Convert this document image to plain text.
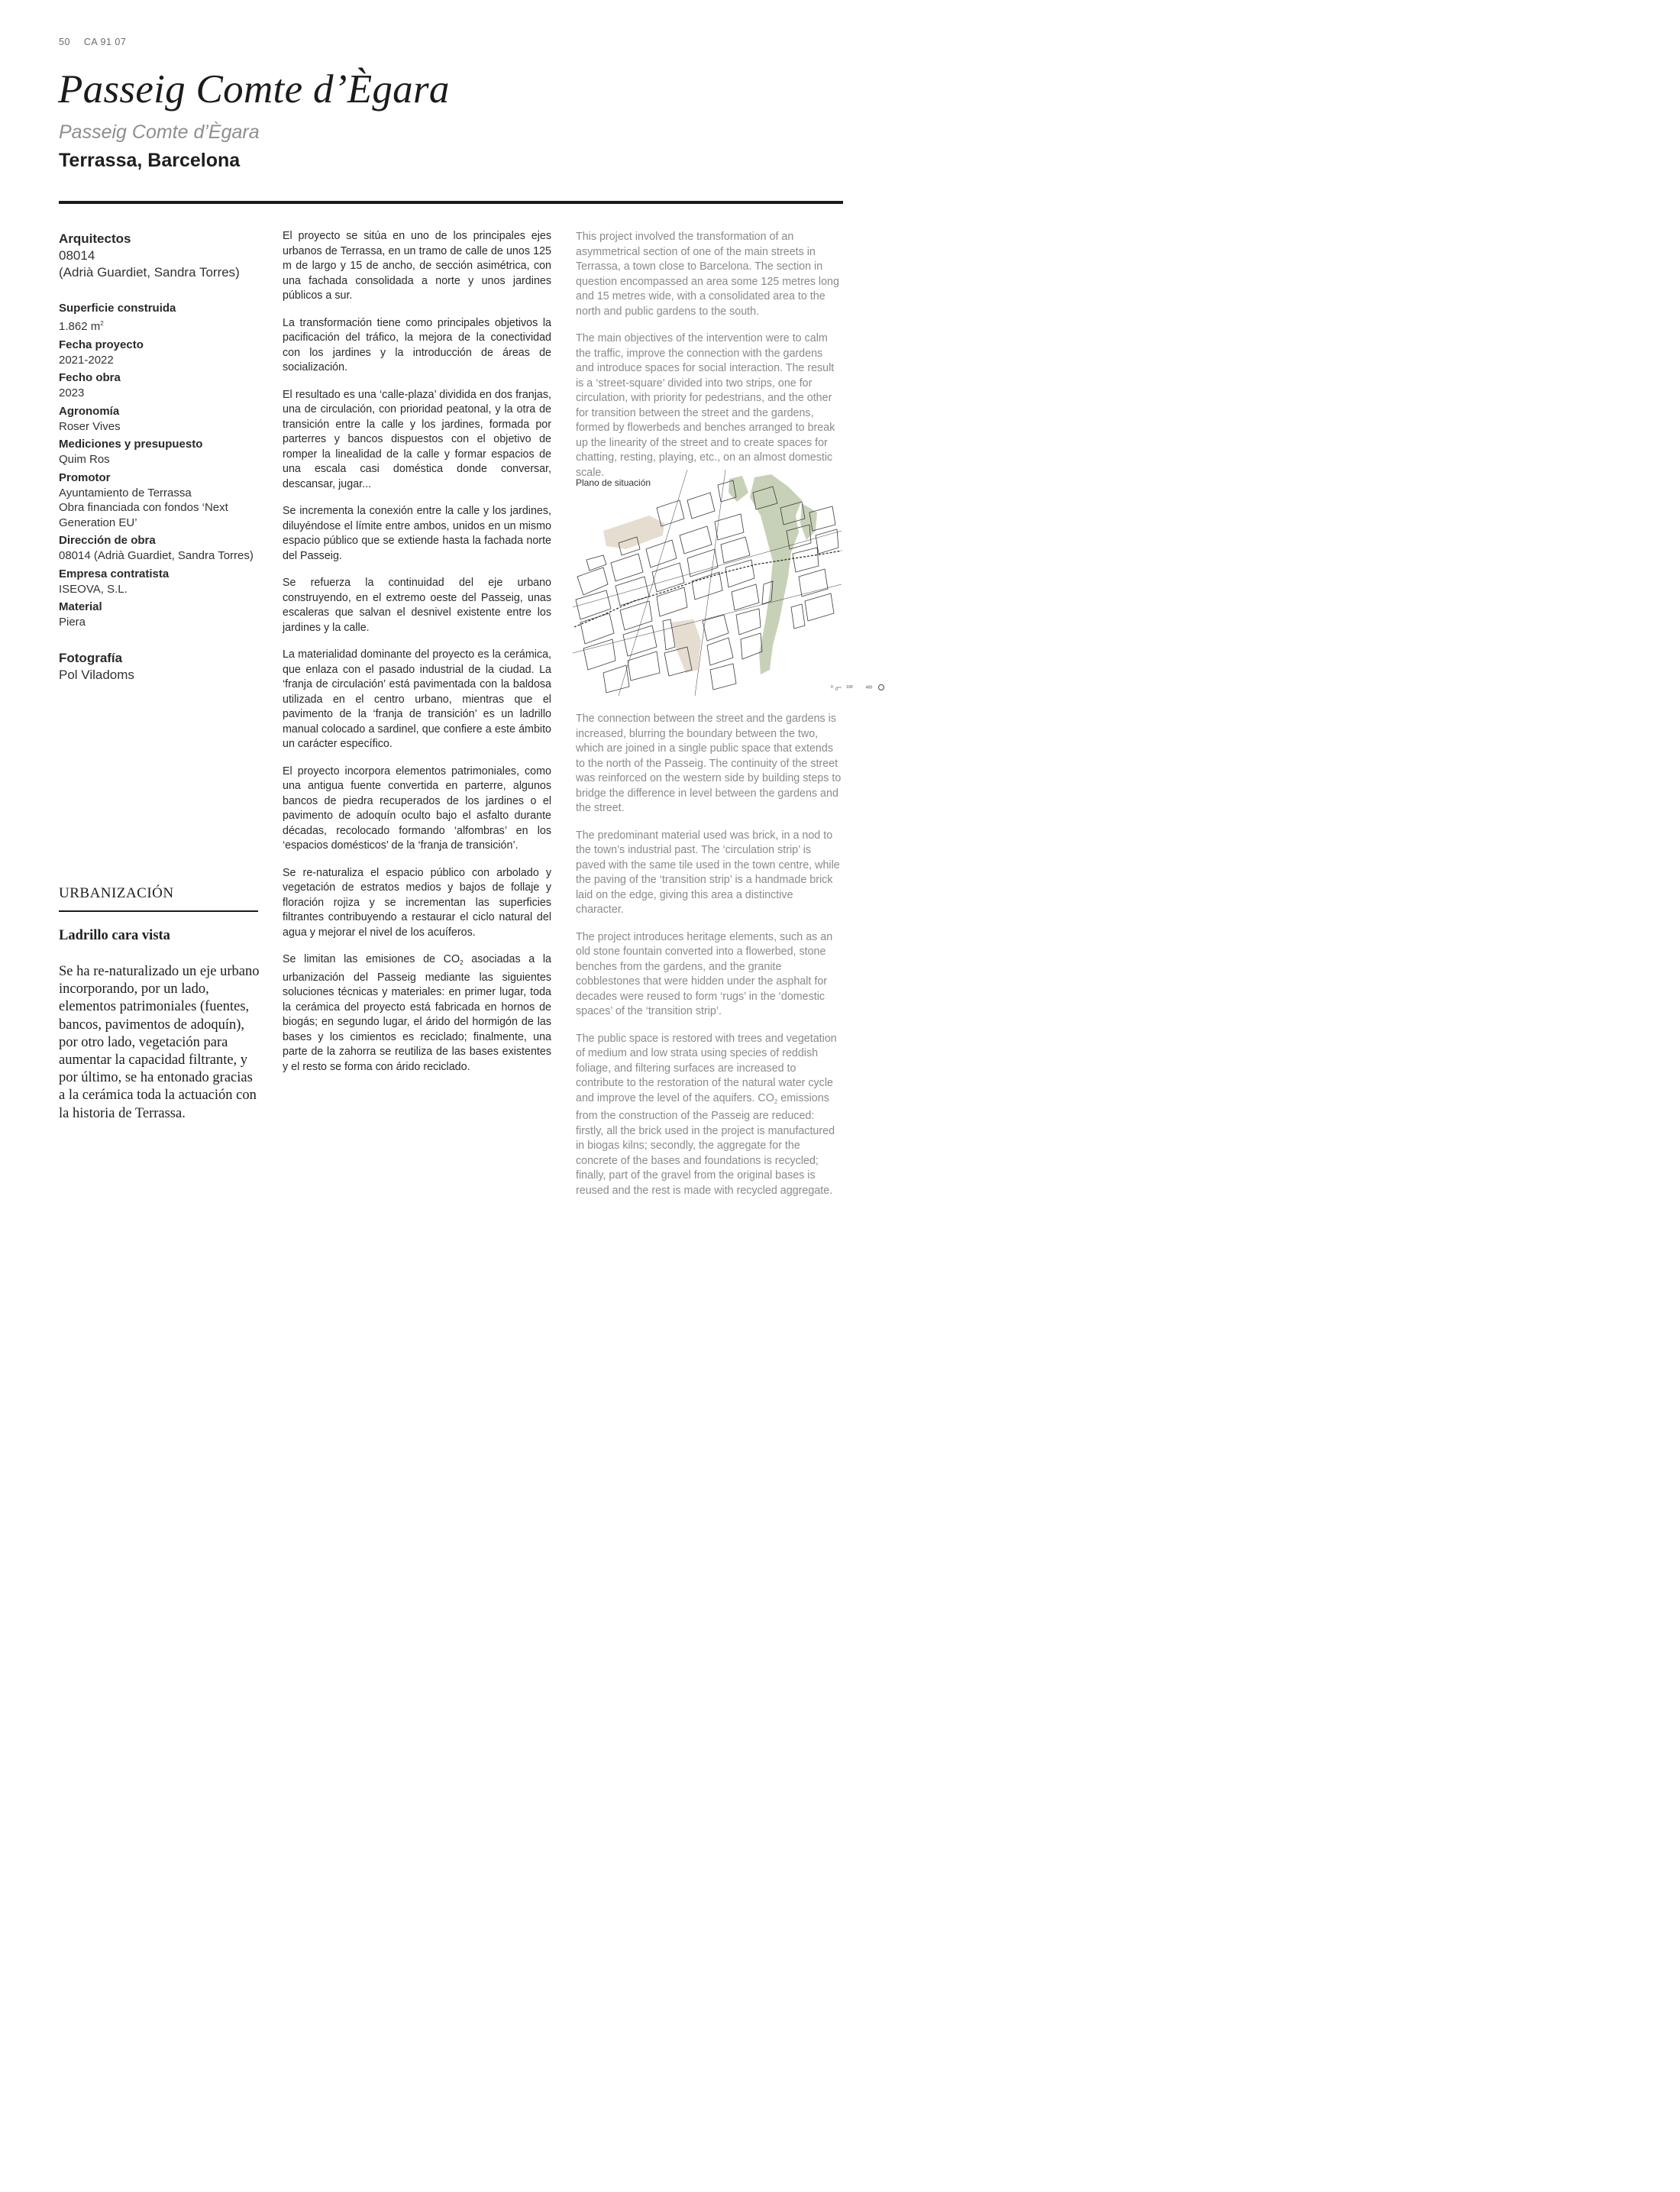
50 CA 91 07
Passeig Comte d’Ègara
Passeig Comte d’Ègara
Terrassa, Barcelona

Arquitectos

08014

(Adrià Guardiet, Sandra Torres)

Superficie construida

1.862 $m^2$

Fecha proyecto

2021-2022

Fecho obra

2023

Agronomía

Roser Vives

Mediciones y presupuesto

Quim Ros

Promotor

Ayuntamiento de Terrassa

Obra financiada con fondos ‘Next Generation EU’

Dirección de obra

08014 (Adrià Guardiet, Sandra Torres)

Empresa contratista

ISEOVA, S.L.

Material

Piera

Fotografía

Pol Viladoms

URBANIZACIÓN
Ladrillo cara vista

Se ha re-naturalizado un eje urbano incorporando, por un lado, elementos patrimoniales (fuentes, bancos, pavimentos de adoquín), por otro lado, vegetación para aumentar la capacidad filtrante, y por último, se ha entonado gracias a la cerámica toda la actuación con la historia de Terrassa.

El proyecto se sitúa en uno de los principales ejes urbanos de Terrassa, en un tramo de calle de unos 125 m de largo y 15 de ancho, de sección asimétrica, con una fachada consolidada a norte y unos jardines públicos a sur.

La transformación tiene como principales objetivos la pacificación del tráfico, la mejora de la conectividad con los jardines y la introducción de áreas de socialización.

El resultado es una ‘calle-plaza’ dividida en dos franjas, una de circulación, con prioridad peatonal, y la otra de transición entre la calle y los jardines, formada por parterres y bancos dispuestos con el objetivo de romper la linealidad de la calle y formar espacios de una escala casi doméstica donde conversar, descansar, jugar...

Se incrementa la conexión entre la calle y los jardines, diluyéndose el límite entre ambos, unidos en un mismo espacio público que se extiende hasta la fachada norte del Passeig.

Se refuerza la continuidad del eje urbano construyendo, en el extremo oeste del Passeig, unas escaleras que salvan el desnivel existente entre los jardines y la calle.

La materialidad dominante del proyecto es la cerámica, que enlaza con el pasado industrial de la ciudad. La ‘franja de circulación’ está pavimentada con la baldosa utilizada en el centro urbano, mientras que el pavimento de la ‘franja de transición’ es un ladrillo manual colocado a sardinel, que confiere a este ámbito un carácter específico.

El proyecto incorpora elementos patrimoniales, como una antigua fuente convertida en parterre, algunos bancos de piedra recuperados de los jardines o el pavimento de adoquín oculto bajo el asfalto durante décadas, recolocado formando ‘alfombras’ en los ‘espacios domésticos’ de la ‘franja de transición’.

Se re-naturaliza el espacio público con arbolado y vegetación de estratos medios y bajos de follaje y floración rojiza y se incrementan las superficies filtrantes contribuyendo a restaurar el ciclo natural del agua y mejorar el nivel de los acuíferos.

Se limitan las emisiones de $CO_2$ asociadas a la urbanización del Passeig mediante las siguientes soluciones técnicas y materiales: en primer lugar, toda la cerámica del proyecto está fabricada en hornos de biogás; en segundo lugar, el árido del hormigón de las bases y los cimientos es reciclado; finalmente, una parte de la zahorra se reutiliza de las bases existentes y el resto se forma con árido reciclado.

This project involved the transformation of an asymmetrical section of one of the main streets in Terrassa, a town close to Barcelona. The section in question encompassed an area some 125 metres long and 15 metres wide, with a consolidated area to the north and public gardens to the south.

The main objectives of the intervention were to calm the traffic, improve the connection with the gardens and introduce spaces for social interaction. The result is a ‘street-square’ divided into two strips, one for circulation, with priority for pedestrians, and the other for transition between the street and the gardens, formed by flowerbeds and benches arranged to break up the linearity of the street and to create spaces for chatting, resting, playing, etc., on an almost domestic scale.

Plano de situación
0
0	100	400

The connection between the street and the gardens is increased, blurring the boundary between the two, which are joined in a single public space that extends to the north of the Passeig. The continuity of the street was reinforced on the western side by building steps to bridge the difference in level between the gardens and the street.

The predominant material used was brick, in a nod to the town’s industrial past. The ‘circulation strip’ is paved with the same tile used in the town centre, while the paving of the ‘transition strip’ is a handmade brick laid on the edge, giving this area a distinctive character.

The project introduces heritage elements, such as an old stone fountain converted into a flowerbed, stone benches from the gardens, and the granite cobblestones that were hidden under the asphalt for decades were reused to form ‘rugs’ in the ‘domestic spaces’ of the ‘transition strip’.

The public space is restored with trees and vegetation of medium and low strata using species of reddish foliage, and filtering surfaces are increased to contribute to the restoration of the natural water cycle and improve the level of the aquifers. $CO_2$ emissions from the construction of the Passeig are reduced: firstly, all the brick used in the project is manufactured in biogas kilns; secondly, the aggregate for the concrete of the bases and foundations is recycled; finally, part of the gravel from the original bases is reused and the rest is made with recycled aggregate.
